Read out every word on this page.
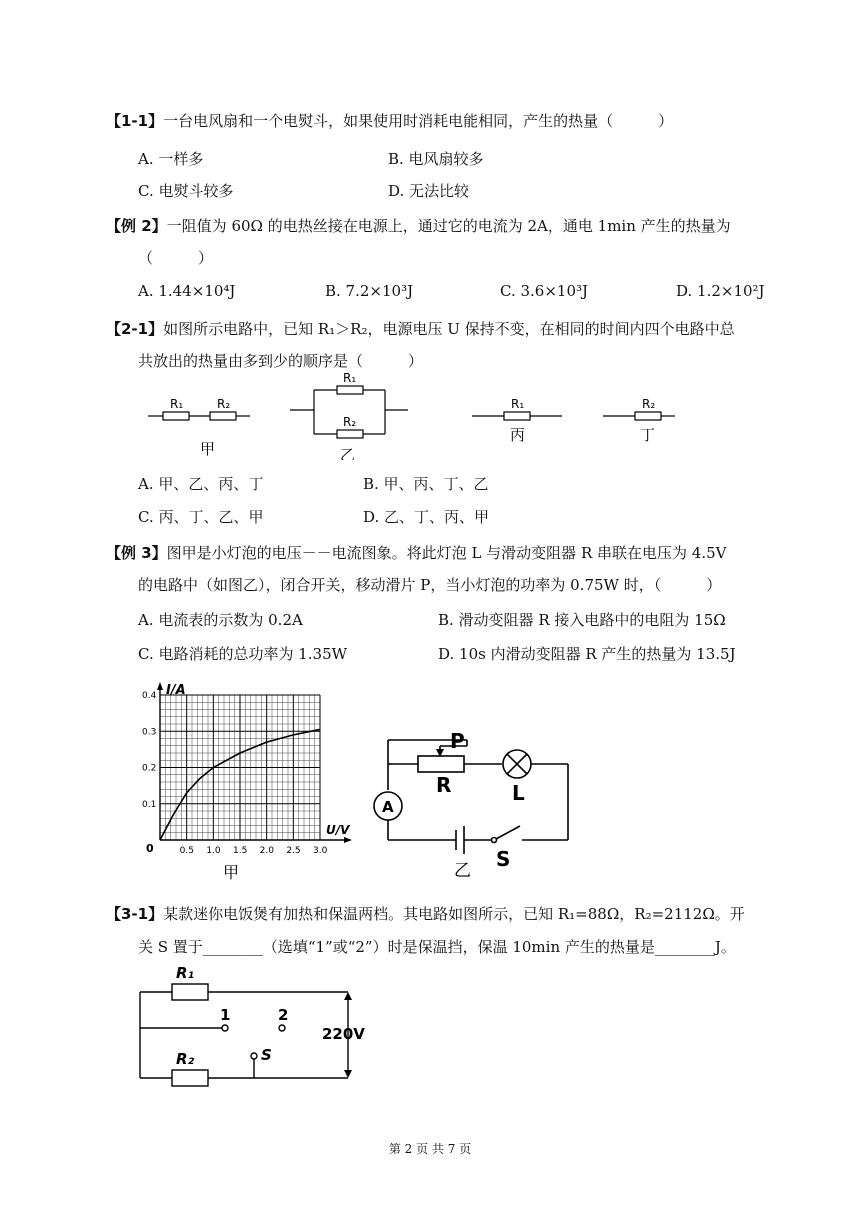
【1-1】一台电风扇和一个电熨斗，如果使用时消耗电能相同，产生的热量（　　　）
A. 一样多	B. 电风扇较多
C. 电熨斗较多	D. 无法比较
【例 2】一阻值为 60Ω 的电热丝接在电源上，通过它的电流为 2A，通电 1min 产生的热量为
（　　　）
A. 1.44×10⁴J	B. 7.2×10³J	C. 3.6×10³J	D. 1.2×10²J
【2-1】如图所示电路中，已知 R₁＞R₂，电源电压 U 保持不变，在相同的时间内四个电路中总
共放出的热量由多到少的顺序是（　　　）
R₁	R₂
R₁
R₂
R₁	R₂
甲	乙
丙	丁
A. 甲、乙、丙、丁	B. 甲、丙、丁、乙
C. 丙、丁、乙、甲	D. 乙、丁、丙、甲
【例 3】图甲是小灯泡的电压－－电流图象。将此灯泡 L 与滑动变阻器 R 串联在电压为 4.5V
的电路中（如图乙），闭合开关，移动滑片 P，当小灯泡的功率为 0.75W 时，（　　　）
A. 电流表的示数为 0.2A	B. 滑动变阻器 R 接入电路中的电阻为 15Ω
C. 电路消耗的总功率为 1.35W	D. 10s 内滑动变阻器 R 产生的热量为 13.5J
0.1
0.2
0.3
0.4
0.5 1.0 1.5 2.0 2.5 3.0
I/A
U/V
0
甲
P
R	L
A
S
乙
【3-1】某款迷你电饭煲有加热和保温两档。其电路如图所示，已知 R₁=88Ω，R₂=2112Ω。开
关 S 置于________（选填“1”或“2”）时是保温挡，保温 10min 产生的热量是________J。
R₁
R₂
1	2
S
220V
第 2 页 共 7 页
